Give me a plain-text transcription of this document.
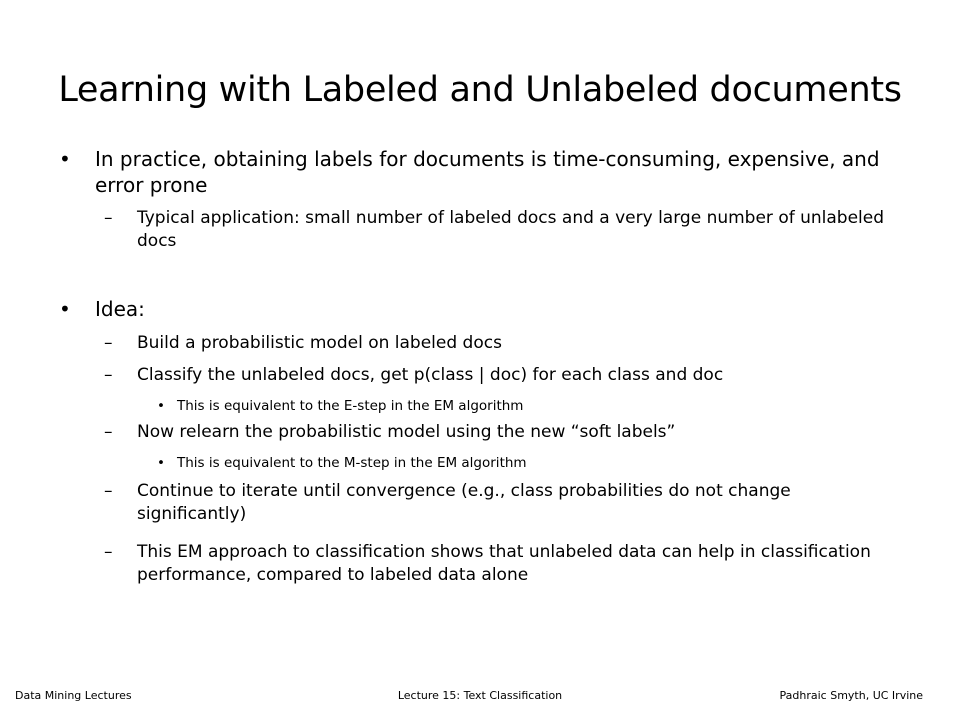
Learning with Labeled and Unlabeled documents
• In practice, obtaining labels for documents is time-consuming, expensive, and error prone
– Typical application: small number of labeled docs and a very large number of unlabeled docs
• Idea:
– Build a probabilistic model on labeled docs
– Classify the unlabeled docs, get p(class | doc) for each class and doc
• This is equivalent to the E-step in the EM algorithm
– Now relearn the probabilistic model using the new “soft labels”
• This is equivalent to the M-step in the EM algorithm
– Continue to iterate until convergence (e.g., class probabilities do not change significantly)
– This EM approach to classification shows that unlabeled data can help in classification performance, compared to labeled data alone
Data Mining Lectures	Lecture 15: Text Classification	Padhraic Smyth, UC Irvine
